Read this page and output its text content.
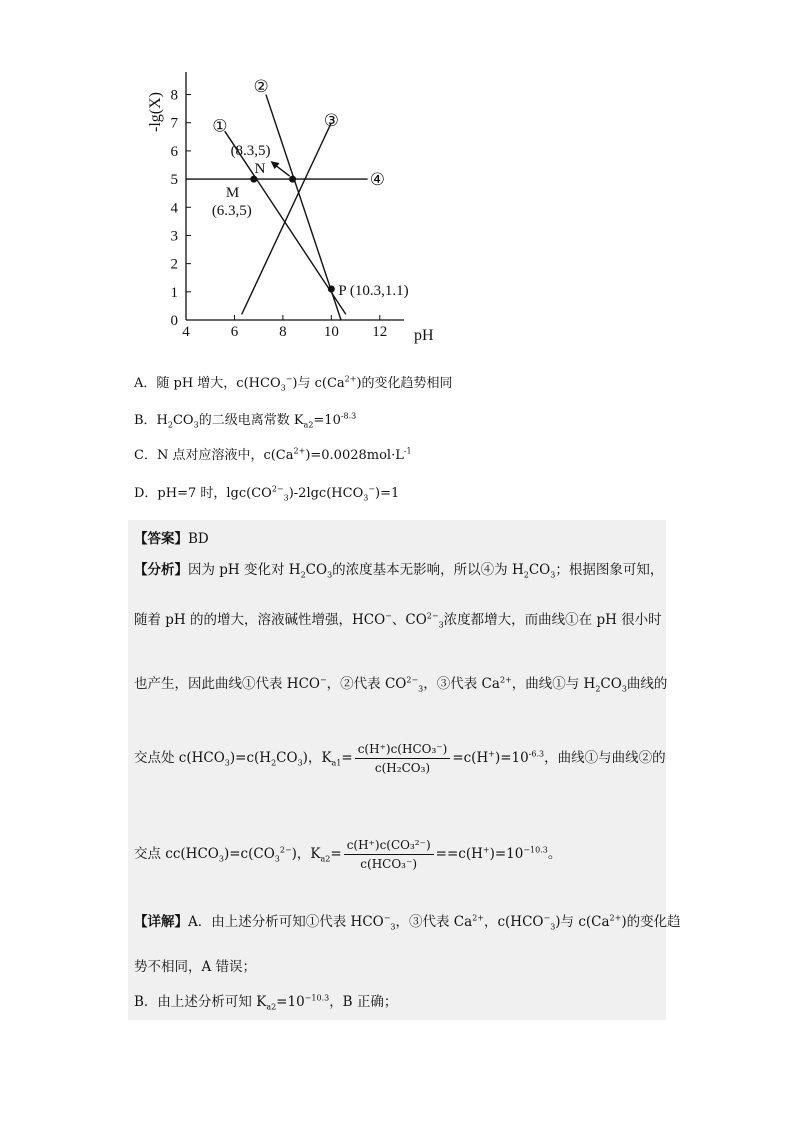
0
1
2
3
4
5
6
7
8
4	6	8 10 12 pH
-lg(X)	①
②
③
④
M
(6.3,5)
N
(8.3,5)
P (10.3,1.1)
A．随 pH 增大，$c(HCO_3^-)$与 $c(Ca^{2+})$的变化趋势相同
B．$H_2CO_3$的二级电离常数 $K_{a2}=10^{-8.3}$
C．N 点对应溶液中，$c(Ca^{2+})=0.0028mol\cdot L^{-1}$
D．pH=7 时，$\lg c(CO^{2-}_3)-2\lg c(HCO_3^-)=1$
【答案】BD
【分析】因为 pH 变化对 $H_2CO_3$的浓度基本无影响，所以④为 $H_2CO_3$；根据图象可知，
随着 pH 的的增大，溶液碱性增强，HCO−、$CO^{2-}_3$浓度都增大，而曲线①在 pH 很小时
也产生，因此曲线①代表 HCO−，②代表 $CO^{2-}_3$，③代表 $Ca^{2+}$，曲线①与 $H_2CO_3$曲线的
交点处 $c(HCO_3)=c(H_2CO_3)$，$K_{a1}= \frac{\text{c(H⁺)c(HCO₃⁻)}}{\text{c(H₂CO₃)}} =c(H^+)=10^{-6.3}$，曲线①与曲线②的
交点 $cc(HCO_3)=c(CO_3^{2-})$，$K_{a2}= \frac{\text{c(H⁺)c(CO₃²⁻)}}{\text{c(HCO₃⁻)}} ==c(H^+)=10^{-10.3}$。
【详解】A．由上述分析可知①代表 $HCO^-_3$，③代表 $Ca^{2+}$，$c(HCO^-_3)$与 $c(Ca^{2+})$的变化趋
势不相同，A 错误；
B．由上述分析可知 $K_{a2}=10^{-10.3}$，B 正确；
